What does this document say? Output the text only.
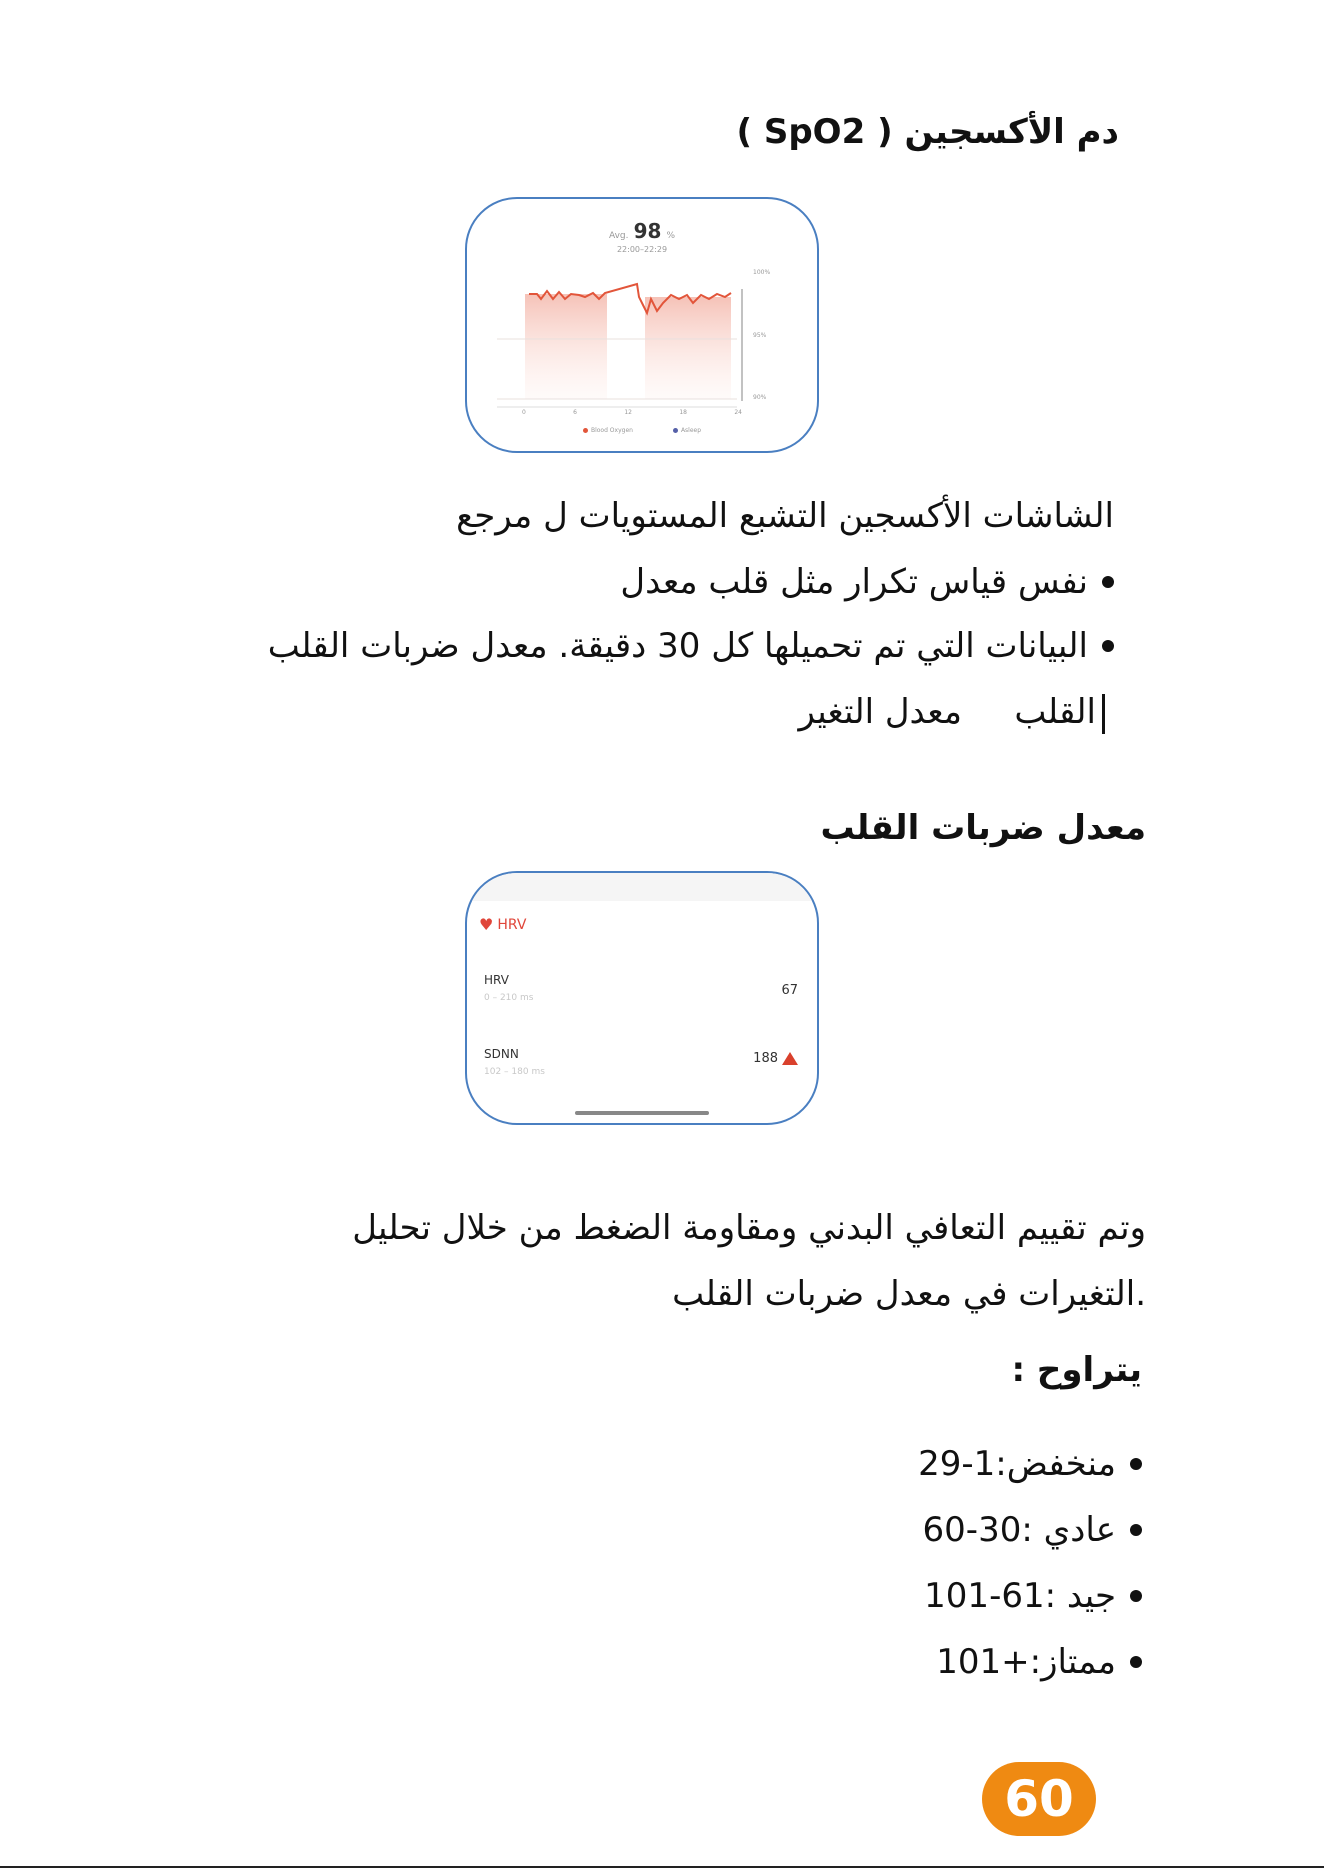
دم الأكسجين ( SpO2 )
Avg. 98 %
22:00–22:29
100%
95%
90%
0	6	12	18	24
Blood Oxygen	Asleep
الشاشات الأكسجين التشبع المستويات ل مرجع
نفس قياس تكرار مثل قلب معدل
البيانات التي تم تحميلها كل 30 دقيقة. معدل ضربات القلب
القلب
معدل التغير
معدل ضربات القلب
♥ HRV
HRV
0 – 210 ms	67
SDNN
102 – 180 ms
188
وتم تقييم التعافي البدني ومقاومة الضغط من خلال تحليل
.التغيرات في معدل ضربات القلب
يتراوح :
منخفض:1-29
عادي :30-60
جيد :61-101
ممتاز:+101
60
